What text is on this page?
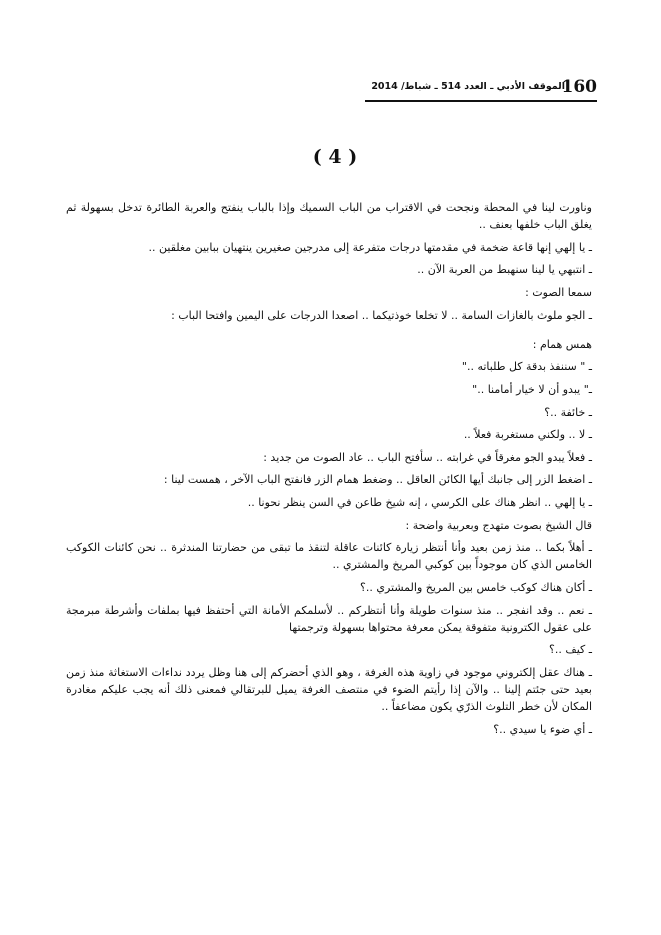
160
الموقف الأدبي ـ العدد 514 ـ شباط/ 2014
( 4 )

وناورت لينا في المحطة ونجحت في الاقتراب من الباب السميك وإذا بالباب ينفتح والعربة الطائرة تدخل بسهولة ثم يغلق الباب خلفها بعنف ..

ـ يا إلهي إنها قاعة ضخمة في مقدمتها درجات متفرعة إلى مدرجين صغيرين ينتهيان ببابين مغلقين ..

ـ انتبهي يا لينا سنهبط من العربة الآن ..

سمعا الصوت :

ـ الجو ملوث بالغازات السامة .. لا تخلعا خوذتيكما .. اصعدا الدرجات على اليمين وافتحا الباب :

همس همام :

ـ " سننفذ بدقة كل طلباته .."

ـ" يبدو أن لا خيار أمامنا .."

ـ خائفة ..؟

ـ لا .. ولكني مستغربة فعلاً ..

ـ فعلاً يبدو الجو مغرقاً في غرابته .. سأفتح الباب .. عاد الصوت من جديد :

ـ اضغط الزر إلى جانبك أيها الكائن العاقل .. وضغط همام الزر فانفتح الباب الآخر ، همست لينا :

ـ يا إلهي .. انظر هناك على الكرسي ، إنه شيخ طاعن في السن ينظر نحونا ..

قال الشيخ بصوت متهدج وبعربية واضحة :

ـ أهلاً بكما .. منذ زمن بعيد وأنا أنتظر زيارة كائنات عاقلة لتنقذ ما تبقى من حضارتنا المندثرة .. نحن كائنات الكوكب الخامس الذي كان موجوداً بين كوكبي المريخ والمشتري ..

ـ أكان هناك كوكب خامس بين المريخ والمشتري ..؟

ـ نعم .. وقد انفجر .. منذ سنوات طويلة وأنا أنتظركم .. لأسلمكم الأمانة التي أحتفظ فيها بملفات وأشرطة مبرمجة على عقول الكترونية متفوقة يمكن معرفة محتواها بسهولة وترجمتها

ـ كيف ..؟

ـ هناك عقل إلكتروني موجود في زاوية هذه الغرفة ، وهو الذي أحضركم إلى هنا وظل يردد نداءات الاستغاثة منذ زمن بعيد حتى جئتم إلينا .. والآن إذا رأيتم الضوء في منتصف الغرفة يميل للبرتقالي فمعنى ذلك أنه يجب عليكم مغادرة المكان لأن خطر التلوث الذرّي يكون مضاعفاً ..

ـ أي ضوء يا سيدي ..؟
